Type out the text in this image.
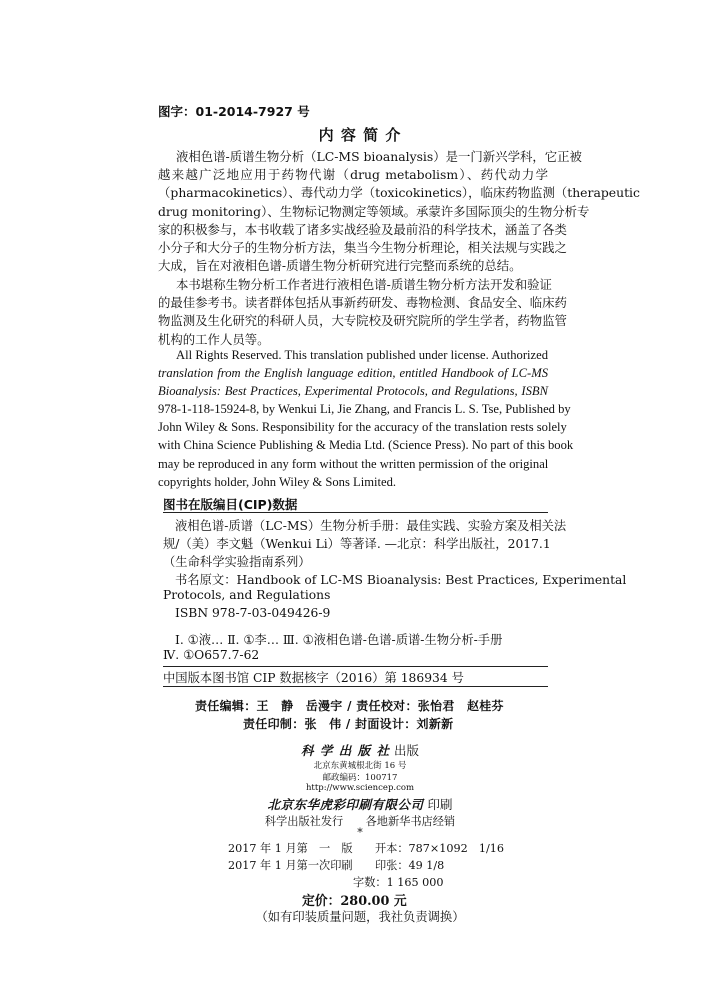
图字：01-2014-7927 号
内 容 简 介
液相色谱-质谱生物分析（LC-MS bioanalysis）是一门新兴学科，它正被
越来越广泛地应用于药物代谢（drug metabolism）、药代动力学
（pharmacokinetics）、毒代动力学（toxicokinetics），临床药物监测（therapeutic
drug monitoring）、生物标记物测定等领域。承蒙许多国际顶尖的生物分析专
家的积极参与，本书收载了诸多实战经验及最前沿的科学技术，涵盖了各类
小分子和大分子的生物分析方法，集当今生物分析理论，相关法规与实践之
大成，旨在对液相色谱-质谱生物分析研究进行完整而系统的总结。
本书堪称生物分析工作者进行液相色谱-质谱生物分析方法开发和验证
的最佳参考书。读者群体包括从事新药研发、毒物检测、食品安全、临床药
物监测及生化研究的科研人员，大专院校及研究院所的学生学者，药物监管
机构的工作人员等。
All Rights Reserved. This translation published under license. Authorized
translation from the English language edition, entitled Handbook of LC-MS
Bioanalysis: Best Practices, Experimental Protocols, and Regulations, ISBN
978-1-118-15924-8, by Wenkui Li, Jie Zhang, and Francis L. S. Tse, Published by
John Wiley & Sons. Responsibility for the accuracy of the translation rests solely
with China Science Publishing & Media Ltd. (Science Press). No part of this book
may be reproduced in any form without the written permission of the original
copyrights holder, John Wiley & Sons Limited.
图书在版编目(CIP)数据
液相色谱-质谱（LC-MS）生物分析手册：最佳实践、实验方案及相关法
规/（美）李文魁（Wenkui Li）等著译. —北京：科学出版社，2017.1
（生命科学实验指南系列）
书名原文：Handbook of LC-MS Bioanalysis: Best Practices, Experimental
Protocols, and Regulations
ISBN 978-7-03-049426-9
Ⅰ. ①液… Ⅱ. ①李… Ⅲ. ①液相色谱-色谱-质谱-生物分析-手册
Ⅳ. ①O657.7-62
中国版本图书馆 CIP 数据核字（2016）第 186934 号
责任编辑：王　静　岳漫宇 / 责任校对：张怡君　赵桂芬
责任印制：张　伟 / 封面设计：刘新新
科 学 出 版 社 出版
北京东黄城根北街 16 号
邮政编码：100717
http://www.sciencep.com
北京东华虎彩印刷有限公司 印刷
科学出版社发行　　各地新华书店经销
*
2017 年 1 月第　一　版　　开本：787×1092　1/16
2017 年 1 月第一次印刷　　印张：49 1/8
字数：1 165 000
定价：280.00 元
（如有印装质量问题，我社负责调换）
